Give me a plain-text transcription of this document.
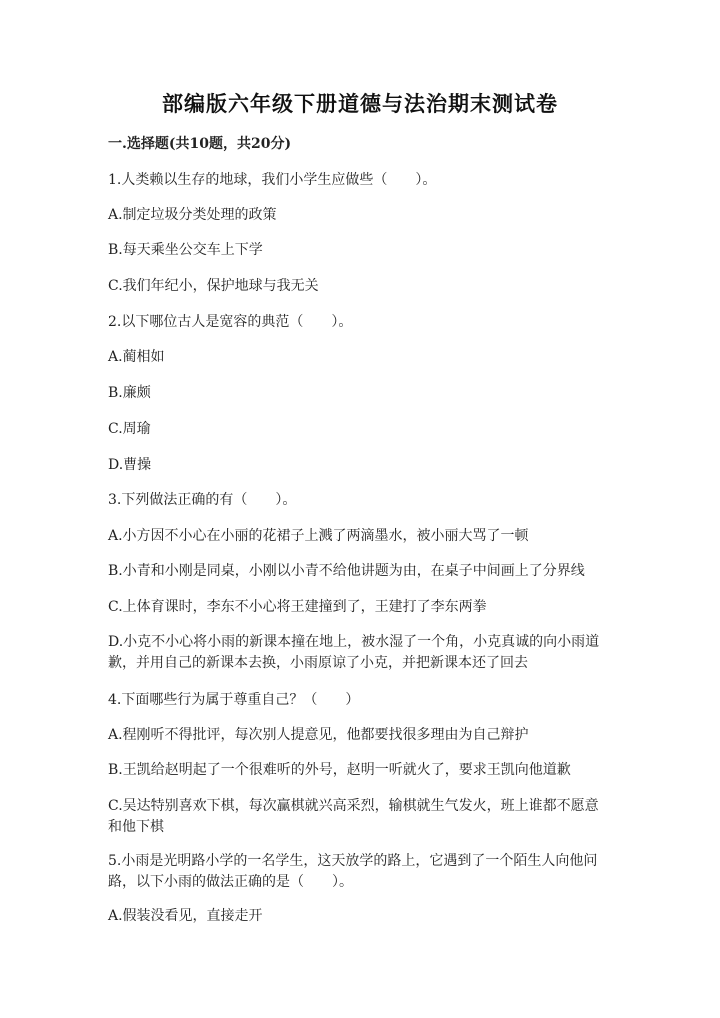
部编版六年级下册道德与法治期末测试卷
一.选择题(共10题，共20分)
1.人类赖以生存的地球，我们小学生应做些（　　）。
A.制定垃圾分类处理的政策
B.每天乘坐公交车上下学
C.我们年纪小，保护地球与我无关
2.以下哪位古人是宽容的典范（　　）。
A.蔺相如
B.廉颇
C.周瑜
D.曹操
3.下列做法正确的有（　　）。
A.小方因不小心在小丽的花裙子上溅了两滴墨水，被小丽大骂了一顿
B.小青和小刚是同桌，小刚以小青不给他讲题为由，在桌子中间画上了分界线
C.上体育课时，李东不小心将王建撞到了，王建打了李东两拳
D.小克不小心将小雨的新课本撞在地上，被水湿了一个角，小克真诚的向小雨道歉，并用自己的新课本去换，小雨原谅了小克，并把新课本还了回去
4.下面哪些行为属于尊重自己？（　　）
A.程刚听不得批评，每次别人提意见，他都要找很多理由为自己辩护
B.王凯给赵明起了一个很难听的外号，赵明一听就火了，要求王凯向他道歉
C.吴达特别喜欢下棋，每次赢棋就兴高采烈，输棋就生气发火，班上谁都不愿意和他下棋
5.小雨是光明路小学的一名学生，这天放学的路上，它遇到了一个陌生人向他问路，以下小雨的做法正确的是（　　）。
A.假装没看见，直接走开
